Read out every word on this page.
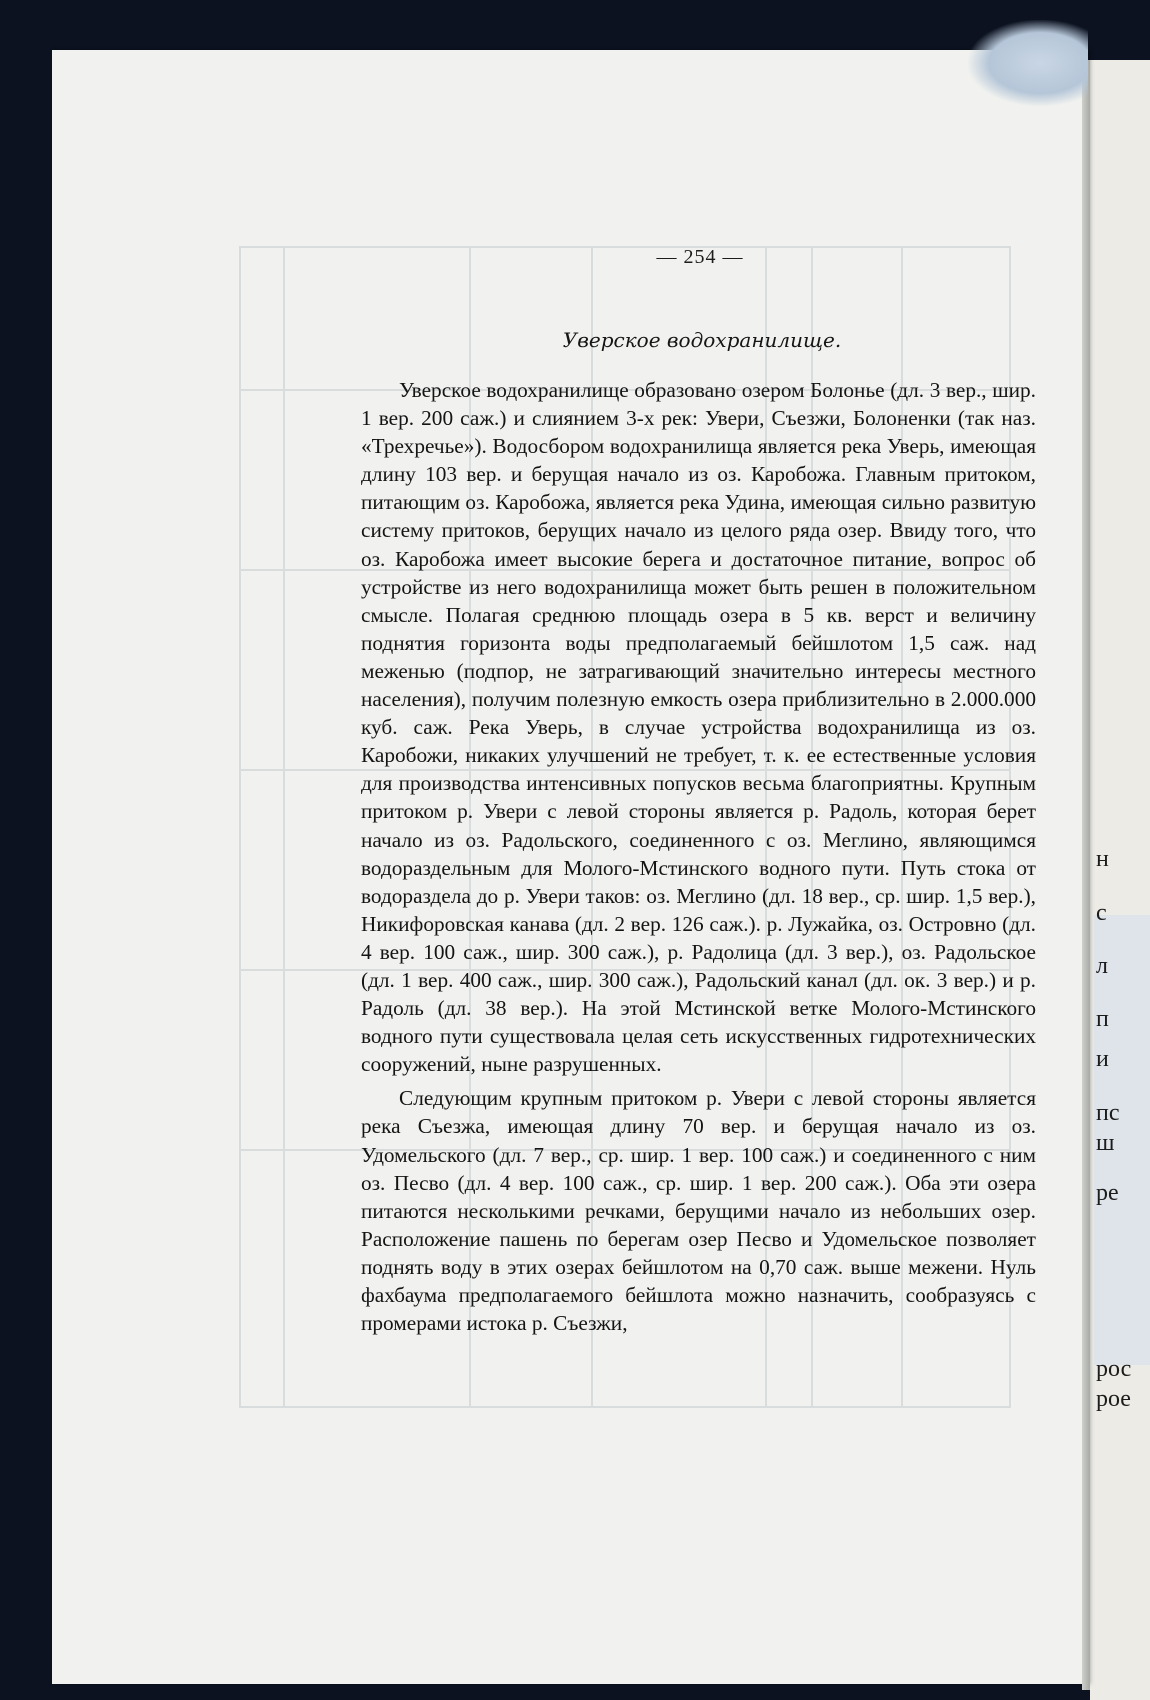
н
с
л
п
и
пс
ш
ре
рос
рое
— 254 —
Уверское водохранилище.

Уверское водохранилище образовано озером Болонье (дл. 3 вер., шир. 1 вер. 200 саж.) и слиянием 3-х рек: Увери, Съезжи, Болоненки (так наз. «Трехречье»). Водосбором водохранилища является река Уверь, имеющая длину 103 вер. и берущая начало из оз. Каробожа. Главным притоком, питающим оз. Каробожа, является река Удина, имеющая сильно развитую систему притоков, берущих начало из целого ряда озер. Ввиду того, что оз. Каробожа имеет высокие берега и достаточное питание, вопрос об устройстве из него водохранилища может быть решен в положительном смысле. Полагая среднюю площадь озера в 5 кв. верст и величину поднятия горизонта воды предполагаемый бейшлотом 1,5 саж. над меженью (подпор, не затрагивающий значительно интересы местного населения), получим полезную емкость озера приблизительно в 2.000.000 куб. саж. Река Уверь, в случае устройства водохранилища из оз. Каробожи, никаких улучшений не требует, т. к. ее естественные условия для производства интенсивных попусков весьма благоприятны. Крупным притоком р. Увери с левой стороны является р. Радоль, которая берет начало из оз. Радольского, соединенного с оз. Меглино, являющимся водораздельным для Молого-Мстинского водного пути. Путь стока от водораздела до р. Увери таков: оз. Меглино (дл. 18 вер., ср. шир. 1,5 вер.), Никифоровская канава (дл. 2 вер. 126 саж.). р. Лужайка, оз. Островно (дл. 4 вер. 100 саж., шир. 300 саж.), р. Радолица (дл. 3 вер.), оз. Радольское (дл. 1 вер. 400 саж., шир. 300 саж.), Радольский канал (дл. ок. 3 вер.) и р. Радоль (дл. 38 вер.). На этой Мстинской ветке Молого-Мстинского водного пути существовала целая сеть искусственных гидротехнических сооружений, ныне разрушенных.

Следующим крупным притоком р. Увери с левой стороны является река Съезжа, имеющая длину 70 вер. и берущая начало из оз. Удомельского (дл. 7 вер., ср. шир. 1 вер. 100 саж.) и соединенного с ним оз. Песво (дл. 4 вер. 100 саж., ср. шир. 1 вер. 200 саж.). Оба эти озера питаются несколькими речками, берущими начало из небольших озер. Расположение пашень по берегам озер Песво и Удомельское позволяет поднять воду в этих озерах бейшлотом на 0,70 саж. выше межени. Нуль фахбаума предполагаемого бейшлота можно назначить, сообразуясь с промерами истока р. Съезжи,
